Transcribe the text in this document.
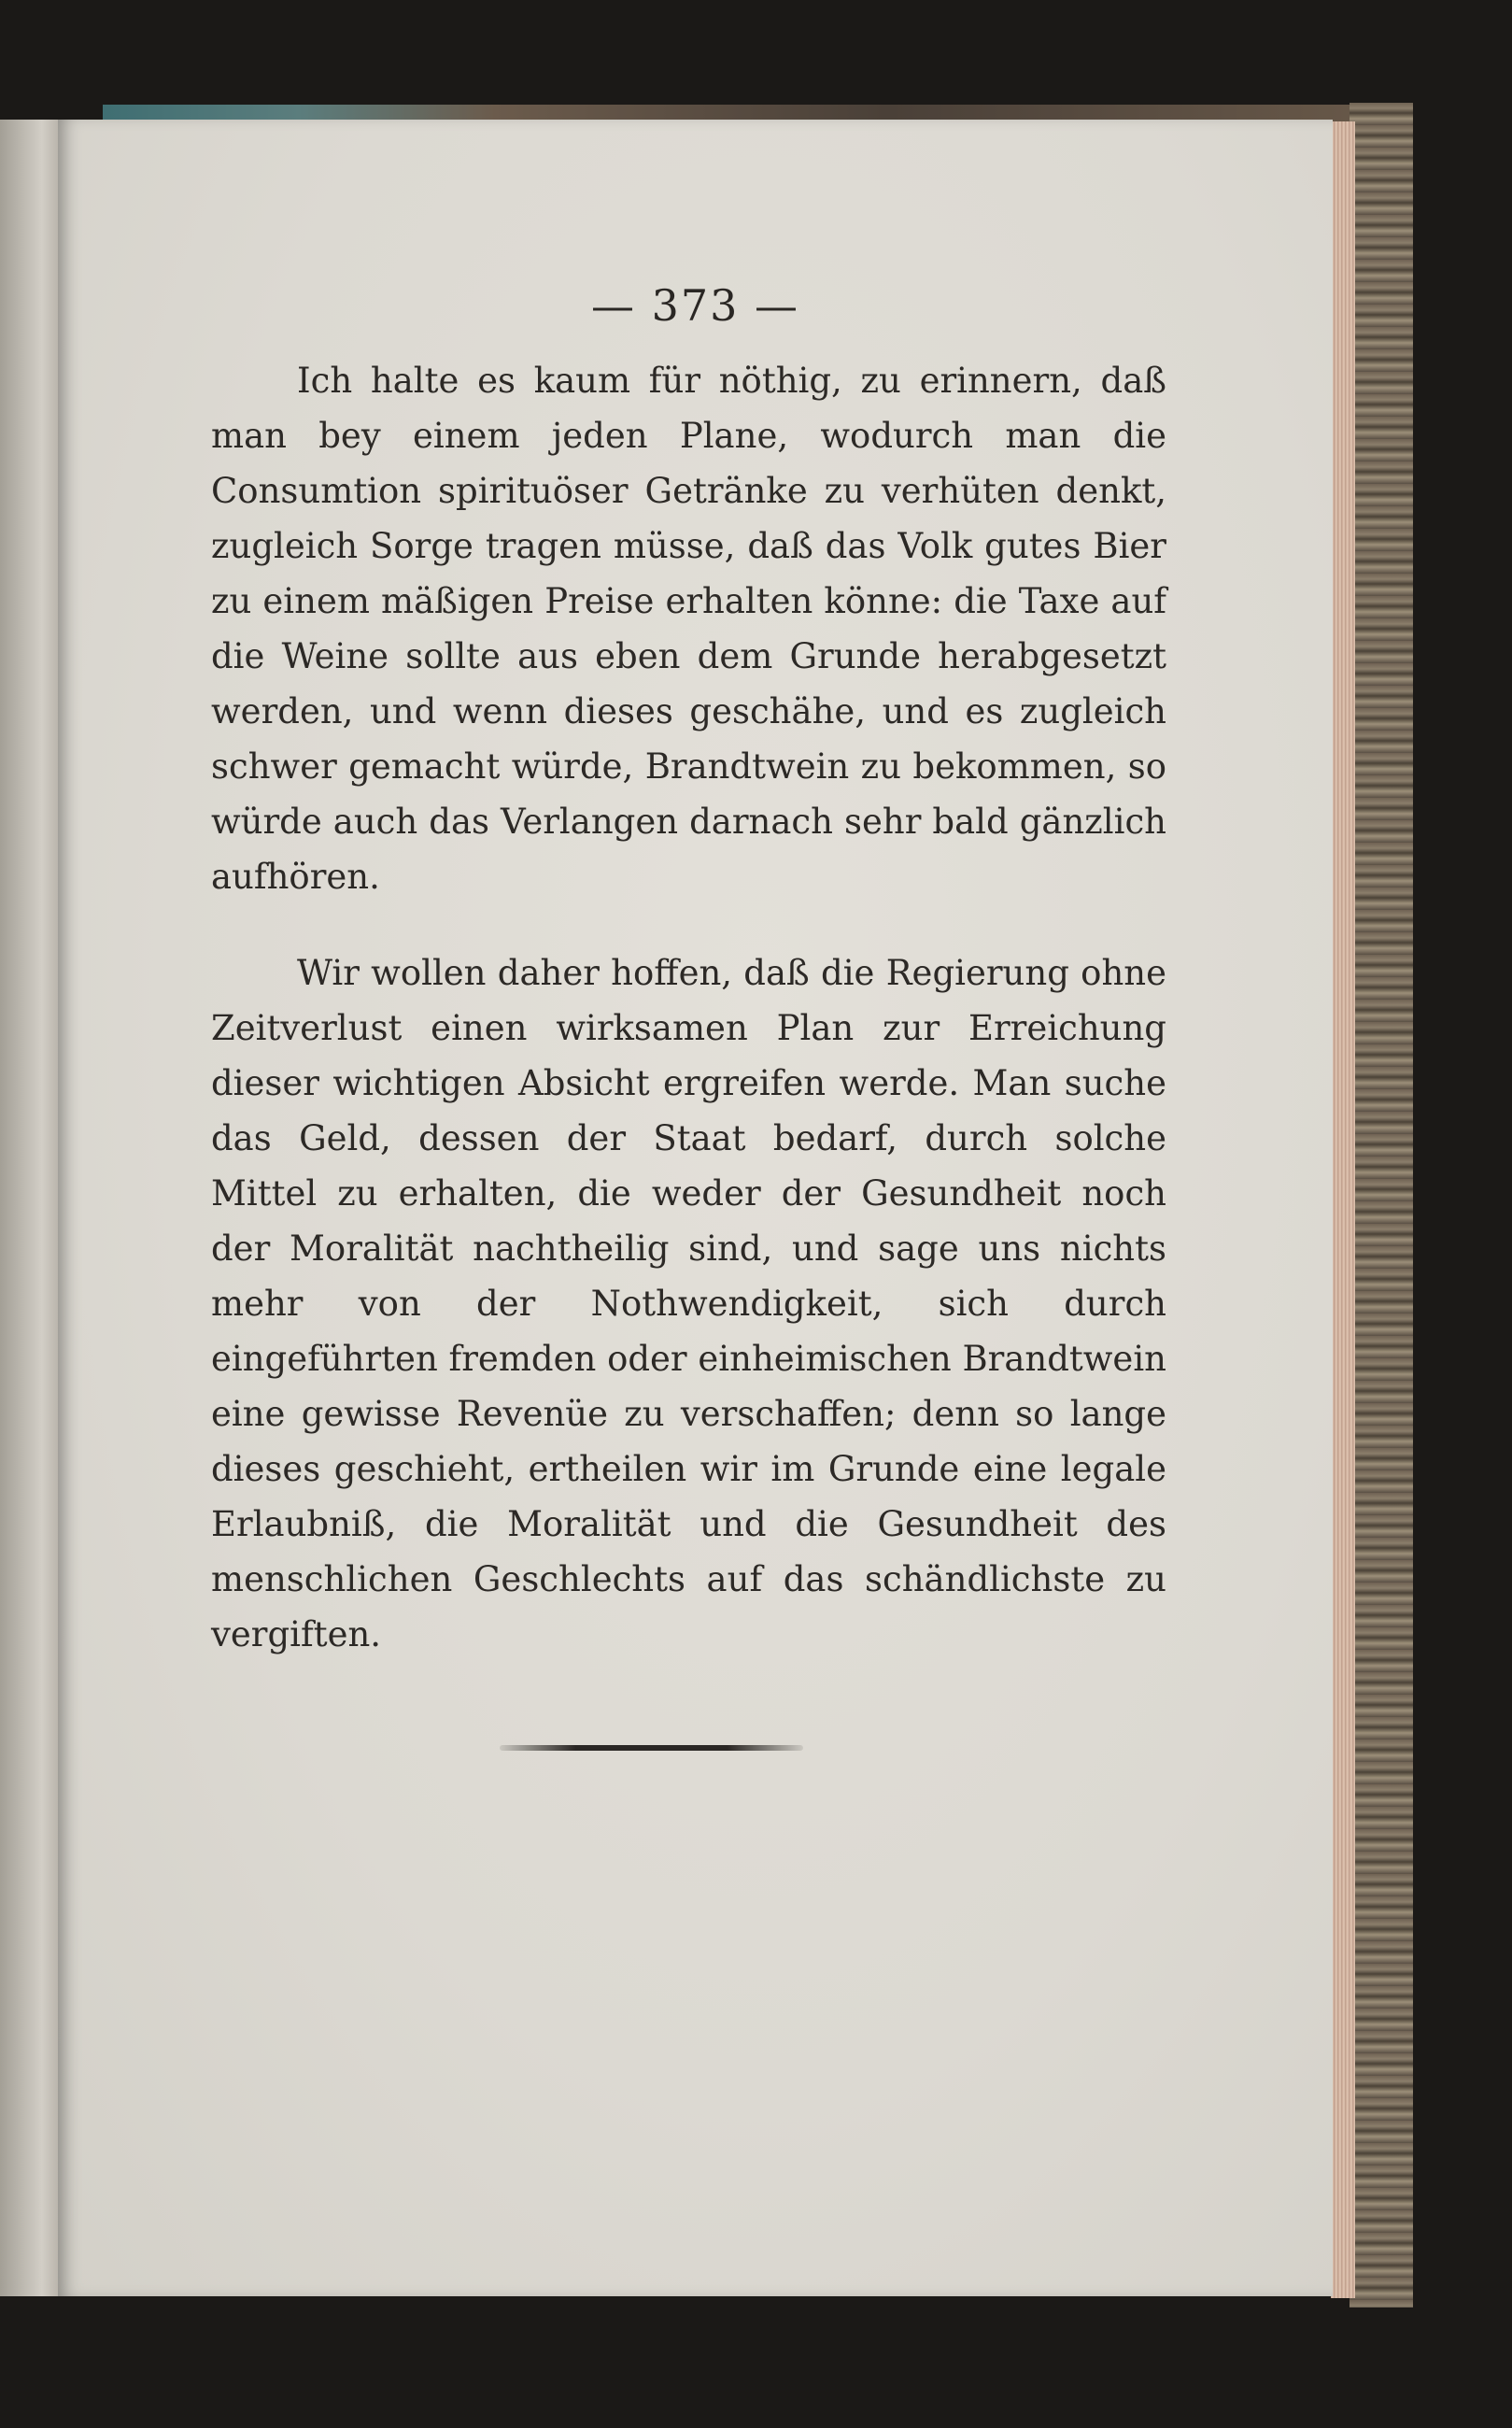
— 373 —

Ich halte es kaum für nöthig, zu erinnern, daß man bey einem jeden Plane, wodurch man die Consumtion spirituöser Getränke zu verhüten denkt, zugleich Sorge tragen müsse, daß das Volk gutes Bier zu einem mäßigen Preise erhalten könne: die Taxe auf die Weine sollte aus eben dem Grunde herabgesetzt werden, und wenn dieses geschähe, und es zugleich schwer gemacht würde, Brandtwein zu bekommen, so würde auch das Verlangen darnach sehr bald gänzlich aufhören.

Wir wollen daher hoffen, daß die Regierung ohne Zeitverlust einen wirksamen Plan zur Erreichung dieser wichtigen Absicht ergreifen werde. Man suche das Geld, dessen der Staat bedarf, durch solche Mittel zu erhalten, die weder der Gesundheit noch der Moralität nachtheilig sind, und sage uns nichts mehr von der Nothwendigkeit, sich durch eingeführten fremden oder einheimischen Brandtwein eine gewisse Revenüe zu verschaffen; denn so lange dieses geschieht, ertheilen wir im Grunde eine legale Erlaubniß, die Moralität und die Gesundheit des menschlichen Geschlechts auf das schändlichste zu vergiften.
